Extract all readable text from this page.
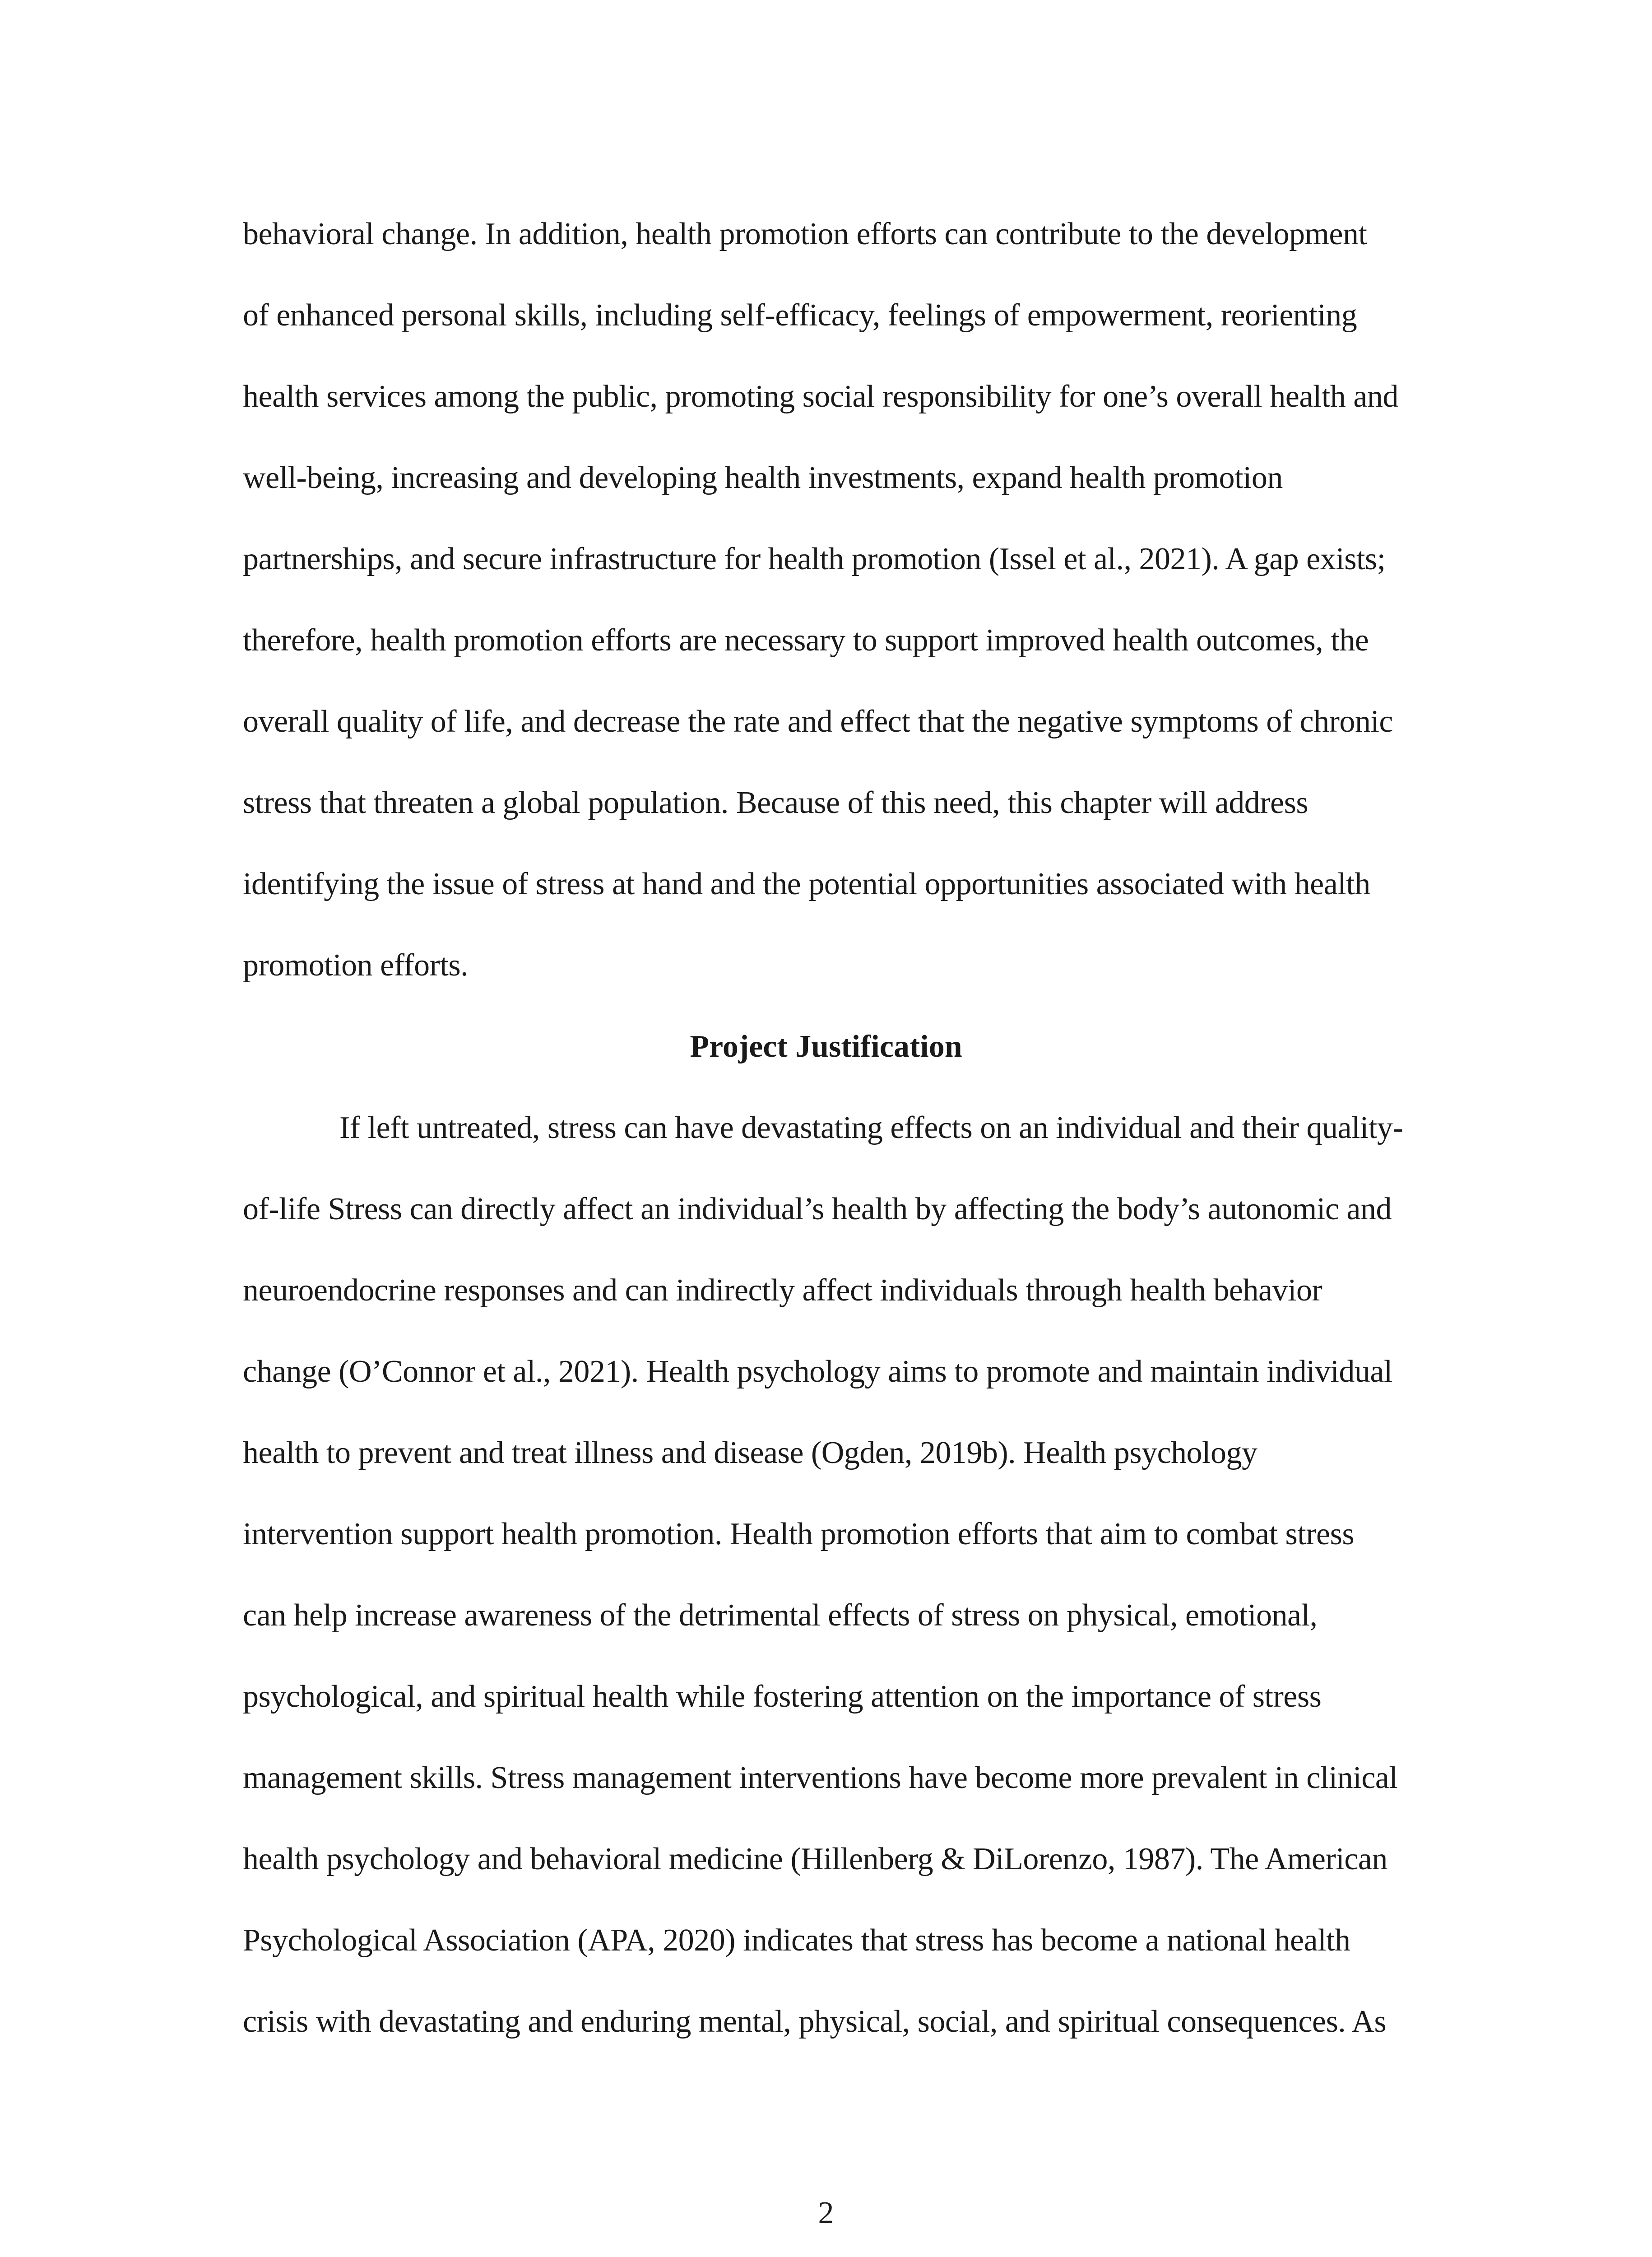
behavioral change. In addition, health promotion efforts can contribute to the development
of enhanced personal skills, including self-efficacy, feelings of empowerment, reorienting
health services among the public, promoting social responsibility for one’s overall health and
well-being, increasing and developing health investments, expand health promotion
partnerships, and secure infrastructure for health promotion (Issel et al., 2021). A gap exists;
therefore, health promotion efforts are necessary to support improved health outcomes, the
overall quality of life, and decrease the rate and effect that the negative symptoms of chronic
stress that threaten a global population. Because of this need, this chapter will address
identifying the issue of stress at hand and the potential opportunities associated with health
promotion efforts.
Project Justification
If left untreated, stress can have devastating effects on an individual and their quality-
of-life Stress can directly affect an individual’s health by affecting the body’s autonomic and
neuroendocrine responses and can indirectly affect individuals through health behavior
change (O’Connor et al., 2021). Health psychology aims to promote and maintain individual
health to prevent and treat illness and disease (Ogden, 2019b). Health psychology
intervention support health promotion. Health promotion efforts that aim to combat stress
can help increase awareness of the detrimental effects of stress on physical, emotional,
psychological, and spiritual health while fostering attention on the importance of stress
management skills. Stress management interventions have become more prevalent in clinical
health psychology and behavioral medicine (Hillenberg & DiLorenzo, 1987). The American
Psychological Association (APA, 2020) indicates that stress has become a national health
crisis with devastating and enduring mental, physical, social, and spiritual consequences. As
2
